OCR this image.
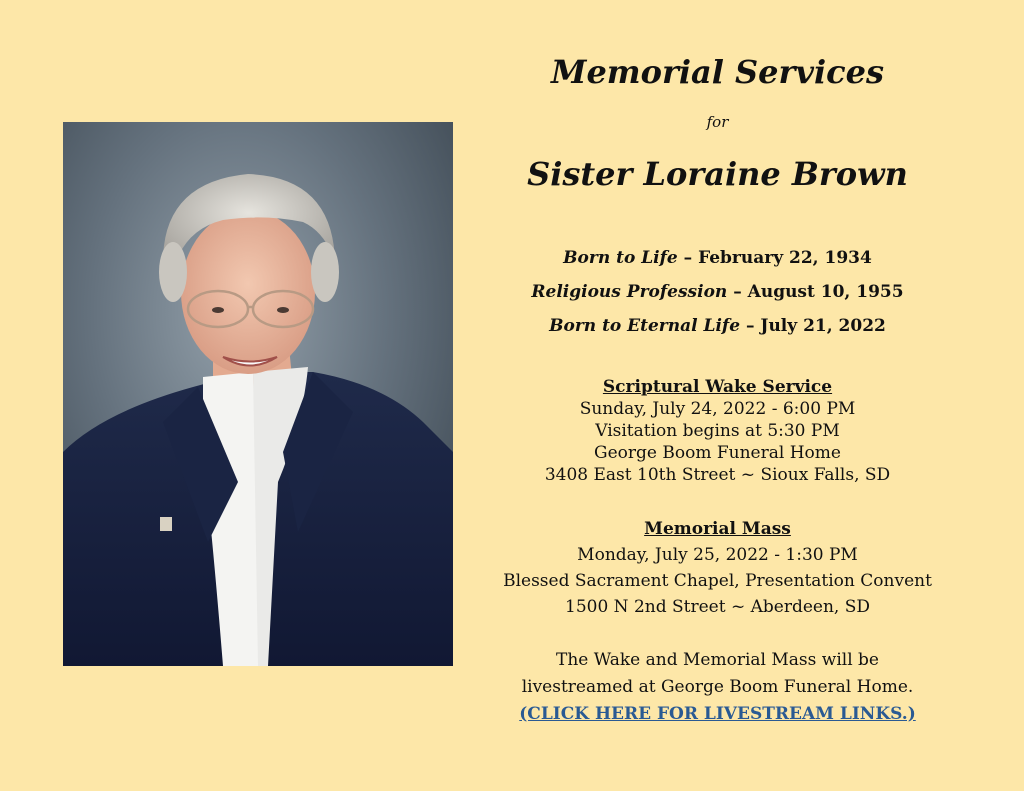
Memorial Services
for
Sister Loraine Brown
Born to Life – February 22, 1934
Religious Profession – August 10, 1955
Born to Eternal Life – July 21, 2022
Scriptural Wake Service
Sunday, July 24, 2022 - 6:00 PM
Visitation begins at 5:30 PM
George Boom Funeral Home
3408 East 10th Street ~ Sioux Falls, SD
Memorial Mass
Monday, July 25, 2022 - 1:30 PM
Blessed Sacrament Chapel, Presentation Convent
1500 N 2nd Street ~ Aberdeen, SD
The Wake and Memorial Mass will be
livestreamed at George Boom Funeral Home.
(CLICK HERE FOR LIVESTREAM LINKS.)
